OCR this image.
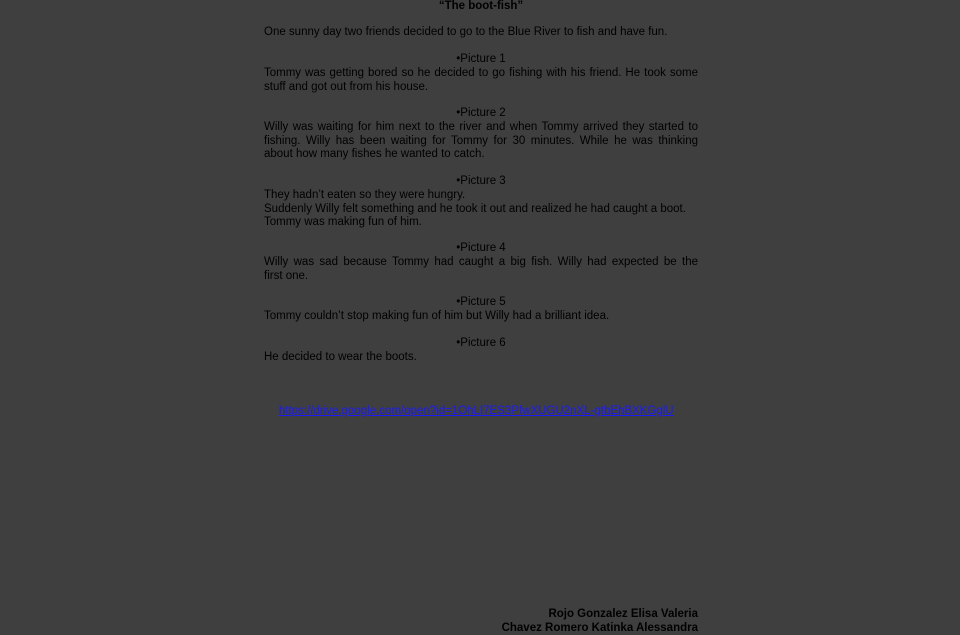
“The boot-fish”

One sunny day two friends decided to go to the Blue River to fish and have fun.

•Picture 1

Tommy was getting bored so he decided to go fishing with his friend. He took some
stuff and got out from his house.

•Picture 2

Willy was waiting for him next to the river and when Tommy arrived they started to
fishing. Willy has been waiting for Tommy for 30 minutes. While he was thinking
about how many fishes he wanted to catch.

•Picture 3

They hadn’t eaten so they were hungry.
Suddenly Willy felt something and he took it out and realized he had caught a boot.
Tommy was making fun of him.

•Picture 4

Willy was sad because Tommy had caught a big fish. Willy had expected be the
first one.

•Picture 5

Tommy couldn’t stop making fun of him but Willy had a brilliant idea.

•Picture 6

He decided to wear the boots.

https://drive.google.com/open?id=1OhLI7ES3PfwXUGU2nXL-gtbEhBXKGglU
Rojo Gonzalez Elisa Valeria
Chavez Romero Katinka Alessandra
